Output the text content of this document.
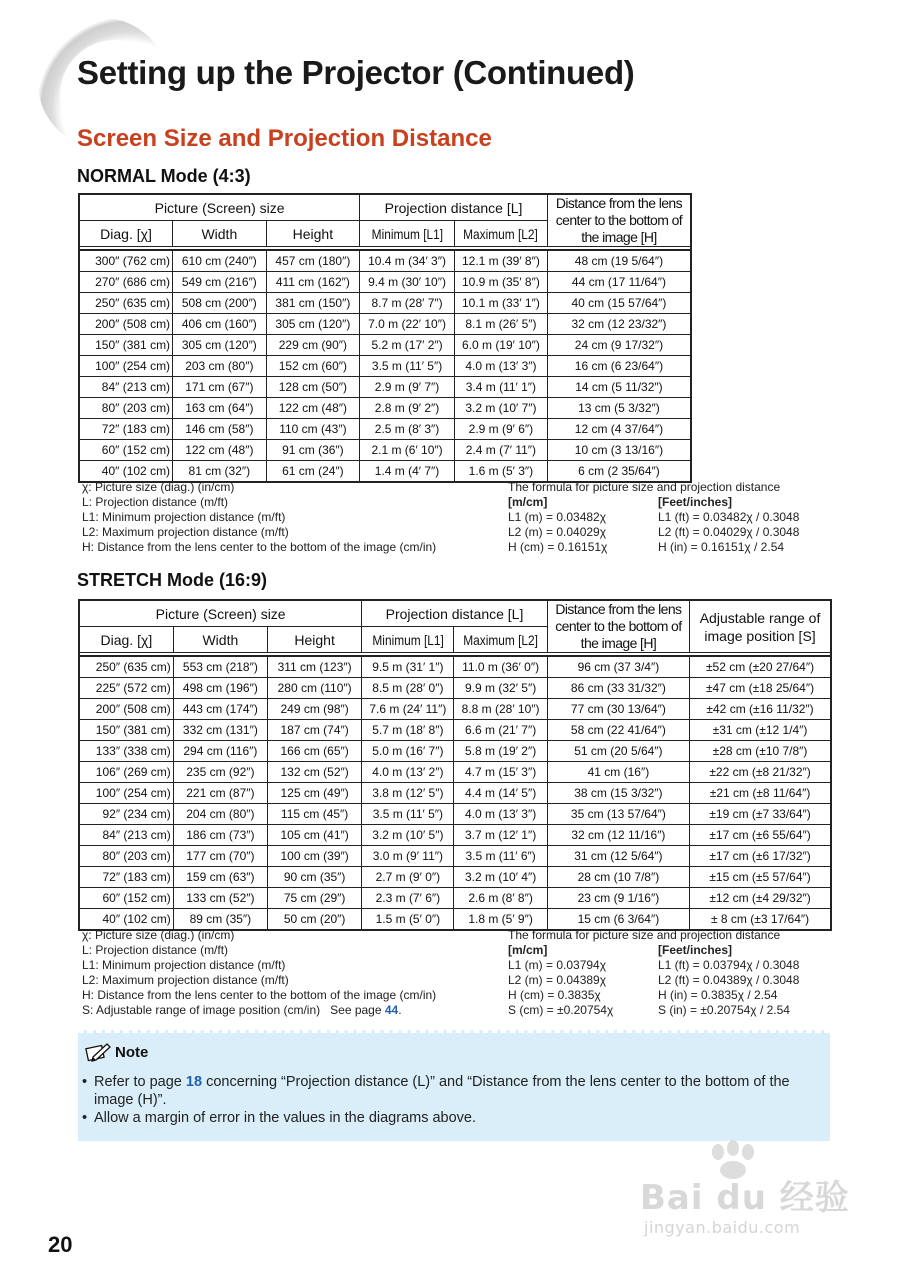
Setting up the Projector (Continued)
Screen Size and Projection Distance
NORMAL Mode (4:3)
Picture (Screen) size			Projection distance [L]		Distance from the lens center to the bottom of the image [H]
Diag. [χ]	Width	Height	Minimum [L1]	Maximum [L2]	

300″ (762 cm)	610 cm (240″)	457 cm (180″)	10.4 m (34′ 3″)	12.1 m (39′ 8″)	48 cm (19 5/64″)
270″ (686 cm)	549 cm (216″)	411 cm (162″)	9.4 m (30′ 10″)	10.9 m (35′ 8″)	44 cm (17 11/64″)
250″ (635 cm)	508 cm (200″)	381 cm (150″)	8.7 m (28′ 7″)	10.1 m (33′ 1″)	40 cm (15 57/64″)
200″ (508 cm)	406 cm (160″)	305 cm (120″)	7.0 m (22′ 10″)	8.1 m (26′ 5″)	32 cm (12 23/32″)
150″ (381 cm)	305 cm (120″)	229 cm (90″)	5.2 m (17′ 2″)	6.0 m (19′ 10″)	24 cm (9 17/32″)
100″ (254 cm)	203 cm (80″)	152 cm (60″)	3.5 m (11′ 5″)	4.0 m (13′ 3″)	16 cm (6 23/64″)
84″ (213 cm)	171 cm (67″)	128 cm (50″)	2.9 m (9′ 7″)	3.4 m (11′ 1″)	14 cm (5 11/32″)
80″ (203 cm)	163 cm (64″)	122 cm (48″)	2.8 m (9′ 2″)	3.2 m (10′ 7″)	13 cm (5 3/32″)
72″ (183 cm)	146 cm (58″)	110 cm (43″)	2.5 m (8′ 3″)	2.9 m (9′ 6″)	12 cm (4 37/64″)
60″ (152 cm)	122 cm (48″)	91 cm (36″)	2.1 m (6′ 10″)	2.4 m (7′ 11″)	10 cm (3 13/16″)
40″ (102 cm)	81 cm (32″)	61 cm (24″)	1.4 m (4′ 7″)	1.6 m (5′ 3″)	6 cm (2 35/64″)
χ: Picture size (diag.) (in/cm)
L: Projection distance (m/ft)
L1: Minimum projection distance (m/ft)
L2: Maximum projection distance (m/ft)
H: Distance from the lens center to the bottom of the image (cm/in)
The formula for picture size and projection distance
[m/cm]
L1 (m) = 0.03482χ
L2 (m) = 0.04029χ
H (cm) = 0.16151χ
[Feet/inches]
L1 (ft) = 0.03482χ / 0.3048
L2 (ft) = 0.04029χ / 0.3048
H (in) = 0.16151χ / 2.54
STRETCH Mode (16:9)
Picture (Screen) size			Projection distance [L]		Distance from the lens center to the bottom of the image [H]	Adjustable range of image position [S]
Diag. [χ]	Width	Height	Minimum [L1]	Maximum [L2]		

250″ (635 cm)	553 cm (218″)	311 cm (123″)	9.5 m (31′ 1″)	11.0 m (36′ 0″)	96 cm (37 3/4″)	±52 cm (±20 27/64″)
225″ (572 cm)	498 cm (196″)	280 cm (110″)	8.5 m (28′ 0″)	9.9 m (32′ 5″)	86 cm (33 31/32″)	±47 cm (±18 25/64″)
200″ (508 cm)	443 cm (174″)	249 cm (98″)	7.6 m (24′ 11″)	8.8 m (28′ 10″)	77 cm (30 13/64″)	±42 cm (±16 11/32″)
150″ (381 cm)	332 cm (131″)	187 cm (74″)	5.7 m (18′ 8″)	6.6 m (21′ 7″)	58 cm (22 41/64″)	±31 cm (±12 1/4″)
133″ (338 cm)	294 cm (116″)	166 cm (65″)	5.0 m (16′ 7″)	5.8 m (19′ 2″)	51 cm (20 5/64″)	±28 cm (±10 7/8″)
106″ (269 cm)	235 cm (92″)	132 cm (52″)	4.0 m (13′ 2″)	4.7 m (15′ 3″)	41 cm (16″)	±22 cm (±8 21/32″)
100″ (254 cm)	221 cm (87″)	125 cm (49″)	3.8 m (12′ 5″)	4.4 m (14′ 5″)	38 cm (15 3/32″)	±21 cm (±8 11/64″)
92″ (234 cm)	204 cm (80″)	115 cm (45″)	3.5 m (11′ 5″)	4.0 m (13′ 3″)	35 cm (13 57/64″)	±19 cm (±7 33/64″)
84″ (213 cm)	186 cm (73″)	105 cm (41″)	3.2 m (10′ 5″)	3.7 m (12′ 1″)	32 cm (12 11/16″)	±17 cm (±6 55/64″)
80″ (203 cm)	177 cm (70″)	100 cm (39″)	3.0 m (9′ 11″)	3.5 m (11′ 6″)	31 cm (12 5/64″)	±17 cm (±6 17/32″)
72″ (183 cm)	159 cm (63″)	90 cm (35″)	2.7 m (9′ 0″)	3.2 m (10′ 4″)	28 cm (10 7/8″)	±15 cm (±5 57/64″)
60″ (152 cm)	133 cm (52″)	75 cm (29″)	2.3 m (7′ 6″)	2.6 m (8′ 8″)	23 cm (9 1/16″)	±12 cm (±4 29/32″)
40″ (102 cm)	89 cm (35″)	50 cm (20″)	1.5 m (5′ 0″)	1.8 m (5′ 9″)	15 cm (6 3/64″)	± 8 cm (±3 17/64″)
χ: Picture size (diag.) (in/cm)
L: Projection distance (m/ft)
L1: Minimum projection distance (m/ft)
L2: Maximum projection distance (m/ft)
H: Distance from the lens center to the bottom of the image (cm/in)
S: Adjustable range of image position (cm/in) See page 44.
The formula for picture size and projection distance
[m/cm]
L1 (m) = 0.03794χ
L2 (m) = 0.04389χ
H (cm) = 0.3835χ
S (cm) = ±0.20754χ
[Feet/inches]
L1 (ft) = 0.03794χ / 0.3048
L2 (ft) = 0.04389χ / 0.3048
H (in) = 0.3835χ / 2.54
S (in) = ±0.20754χ / 2.54
Note
• Refer to page 18 concerning “Projection distance (L)” and “Distance from the lens center to the bottom of the image (H)”.
• Allow a margin of error in the values in the diagrams above.
Bai du 经验
jingyan.baidu.com
20
